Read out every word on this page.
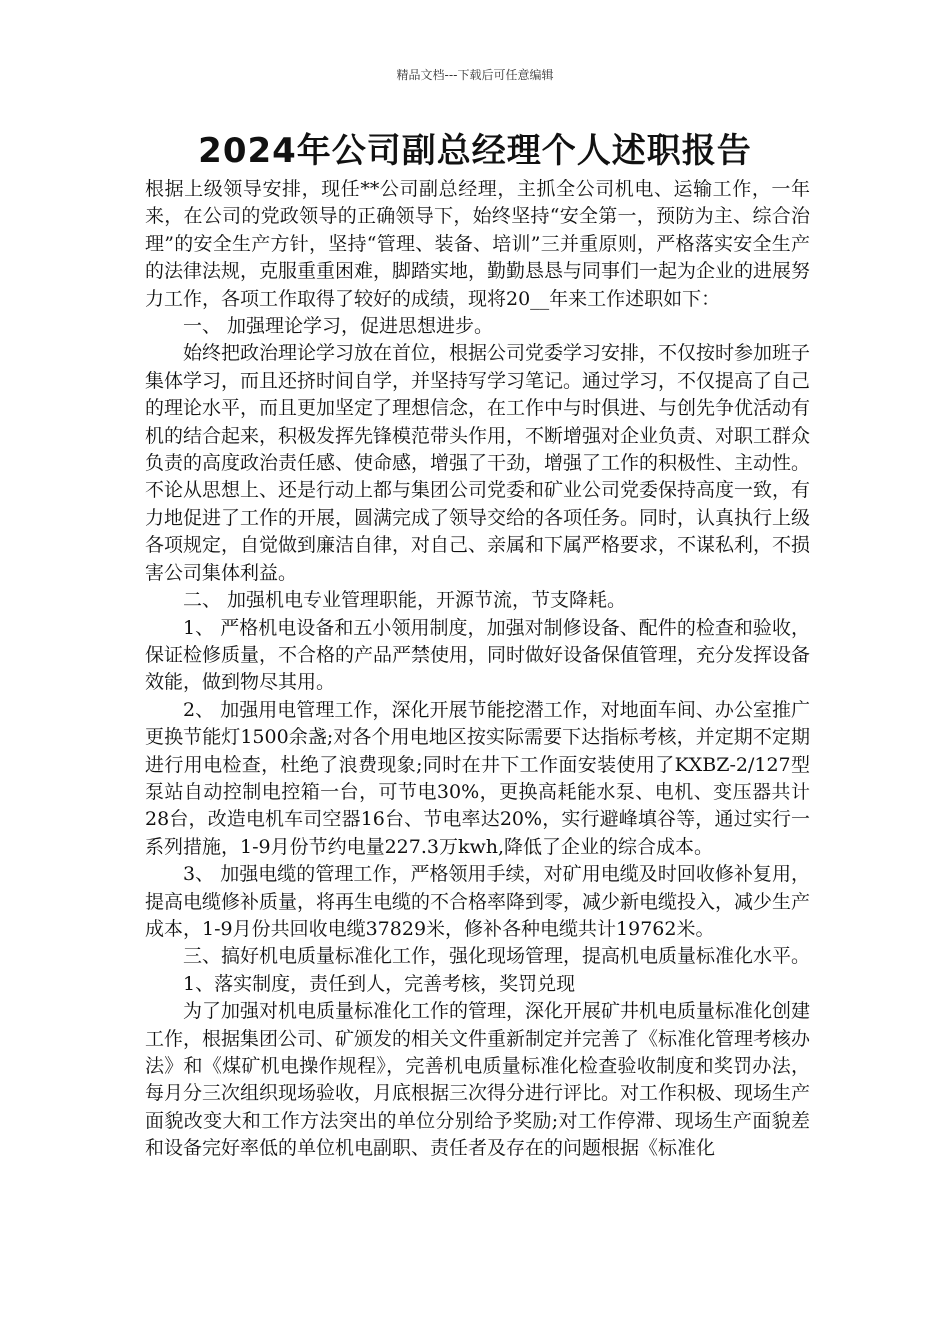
精品文档---下载后可任意编辑
2024年公司副总经理个人述职报告

根据上级领导安排，现任**公司副总经理，主抓全公司机电、运输工作，一年来，在公司的党政领导的正确领导下，始终坚持“安全第一，预防为主、综合治理”的安全生产方针，坚持“管理、装备、培训”三并重原则，严格落实安全生产的法律法规，克服重重困难，脚踏实地，勤勤恳恳与同事们一起为企业的进展努力工作，各项工作取得了较好的成绩，现将20__年来工作述职如下：

一、 加强理论学习，促进思想进步。

始终把政治理论学习放在首位，根据公司党委学习安排，不仅按时参加班子集体学习，而且还挤时间自学，并坚持写学习笔记。通过学习，不仅提高了自己的理论水平，而且更加坚定了理想信念，在工作中与时俱进、与创先争优活动有机的结合起来，积极发挥先锋模范带头作用，不断增强对企业负责、对职工群众负责的高度政治责任感、使命感，增强了干劲，增强了工作的积极性、主动性。不论从思想上、还是行动上都与集团公司党委和矿业公司党委保持高度一致，有力地促进了工作的开展，圆满完成了领导交给的各项任务。同时，认真执行上级各项规定，自觉做到廉洁自律，对自己、亲属和下属严格要求，不谋私利，不损害公司集体利益。

二、 加强机电专业管理职能，开源节流，节支降耗。

1、 严格机电设备和五小领用制度，加强对制修设备、配件的检查和验收，保证检修质量，不合格的产品严禁使用，同时做好设备保值管理，充分发挥设备效能，做到物尽其用。

2、 加强用电管理工作，深化开展节能挖潜工作，对地面车间、办公室推广更换节能灯1500余盏;对各个用电地区按实际需要下达指标考核，并定期不定期进行用电检查，杜绝了浪费现象;同时在井下工作面安装使用了KXBZ-2/127型泵站自动控制电控箱一台，可节电30%，更换高耗能水泵、电机、变压器共计28台，改造电机车司空器16台、节电率达20%，实行避峰填谷等，通过实行一系列措施，1-9月份节约电量227.3万kwh,降低了企业的综合成本。

3、 加强电缆的管理工作，严格领用手续，对矿用电缆及时回收修补复用，提高电缆修补质量，将再生电缆的不合格率降到零，减少新电缆投入，减少生产成本，1-9月份共回收电缆37829米，修补各种电缆共计19762米。

三、搞好机电质量标准化工作，强化现场管理，提高机电质量标准化水平。

1、落实制度，责任到人，完善考核，奖罚兑现

为了加强对机电质量标准化工作的管理，深化开展矿井机电质量标准化创建工作，根据集团公司、矿颁发的相关文件重新制定并完善了《标准化管理考核办法》和《煤矿机电操作规程》，完善机电质量标准化检查验收制度和奖罚办法，每月分三次组织现场验收，月底根据三次得分进行评比。对工作积极、现场生产面貌改变大和工作方法突出的单位分别给予奖励;对工作停滞、现场生产面貌差和设备完好率低的单位机电副职、责任者及存在的问题根据《标准化
